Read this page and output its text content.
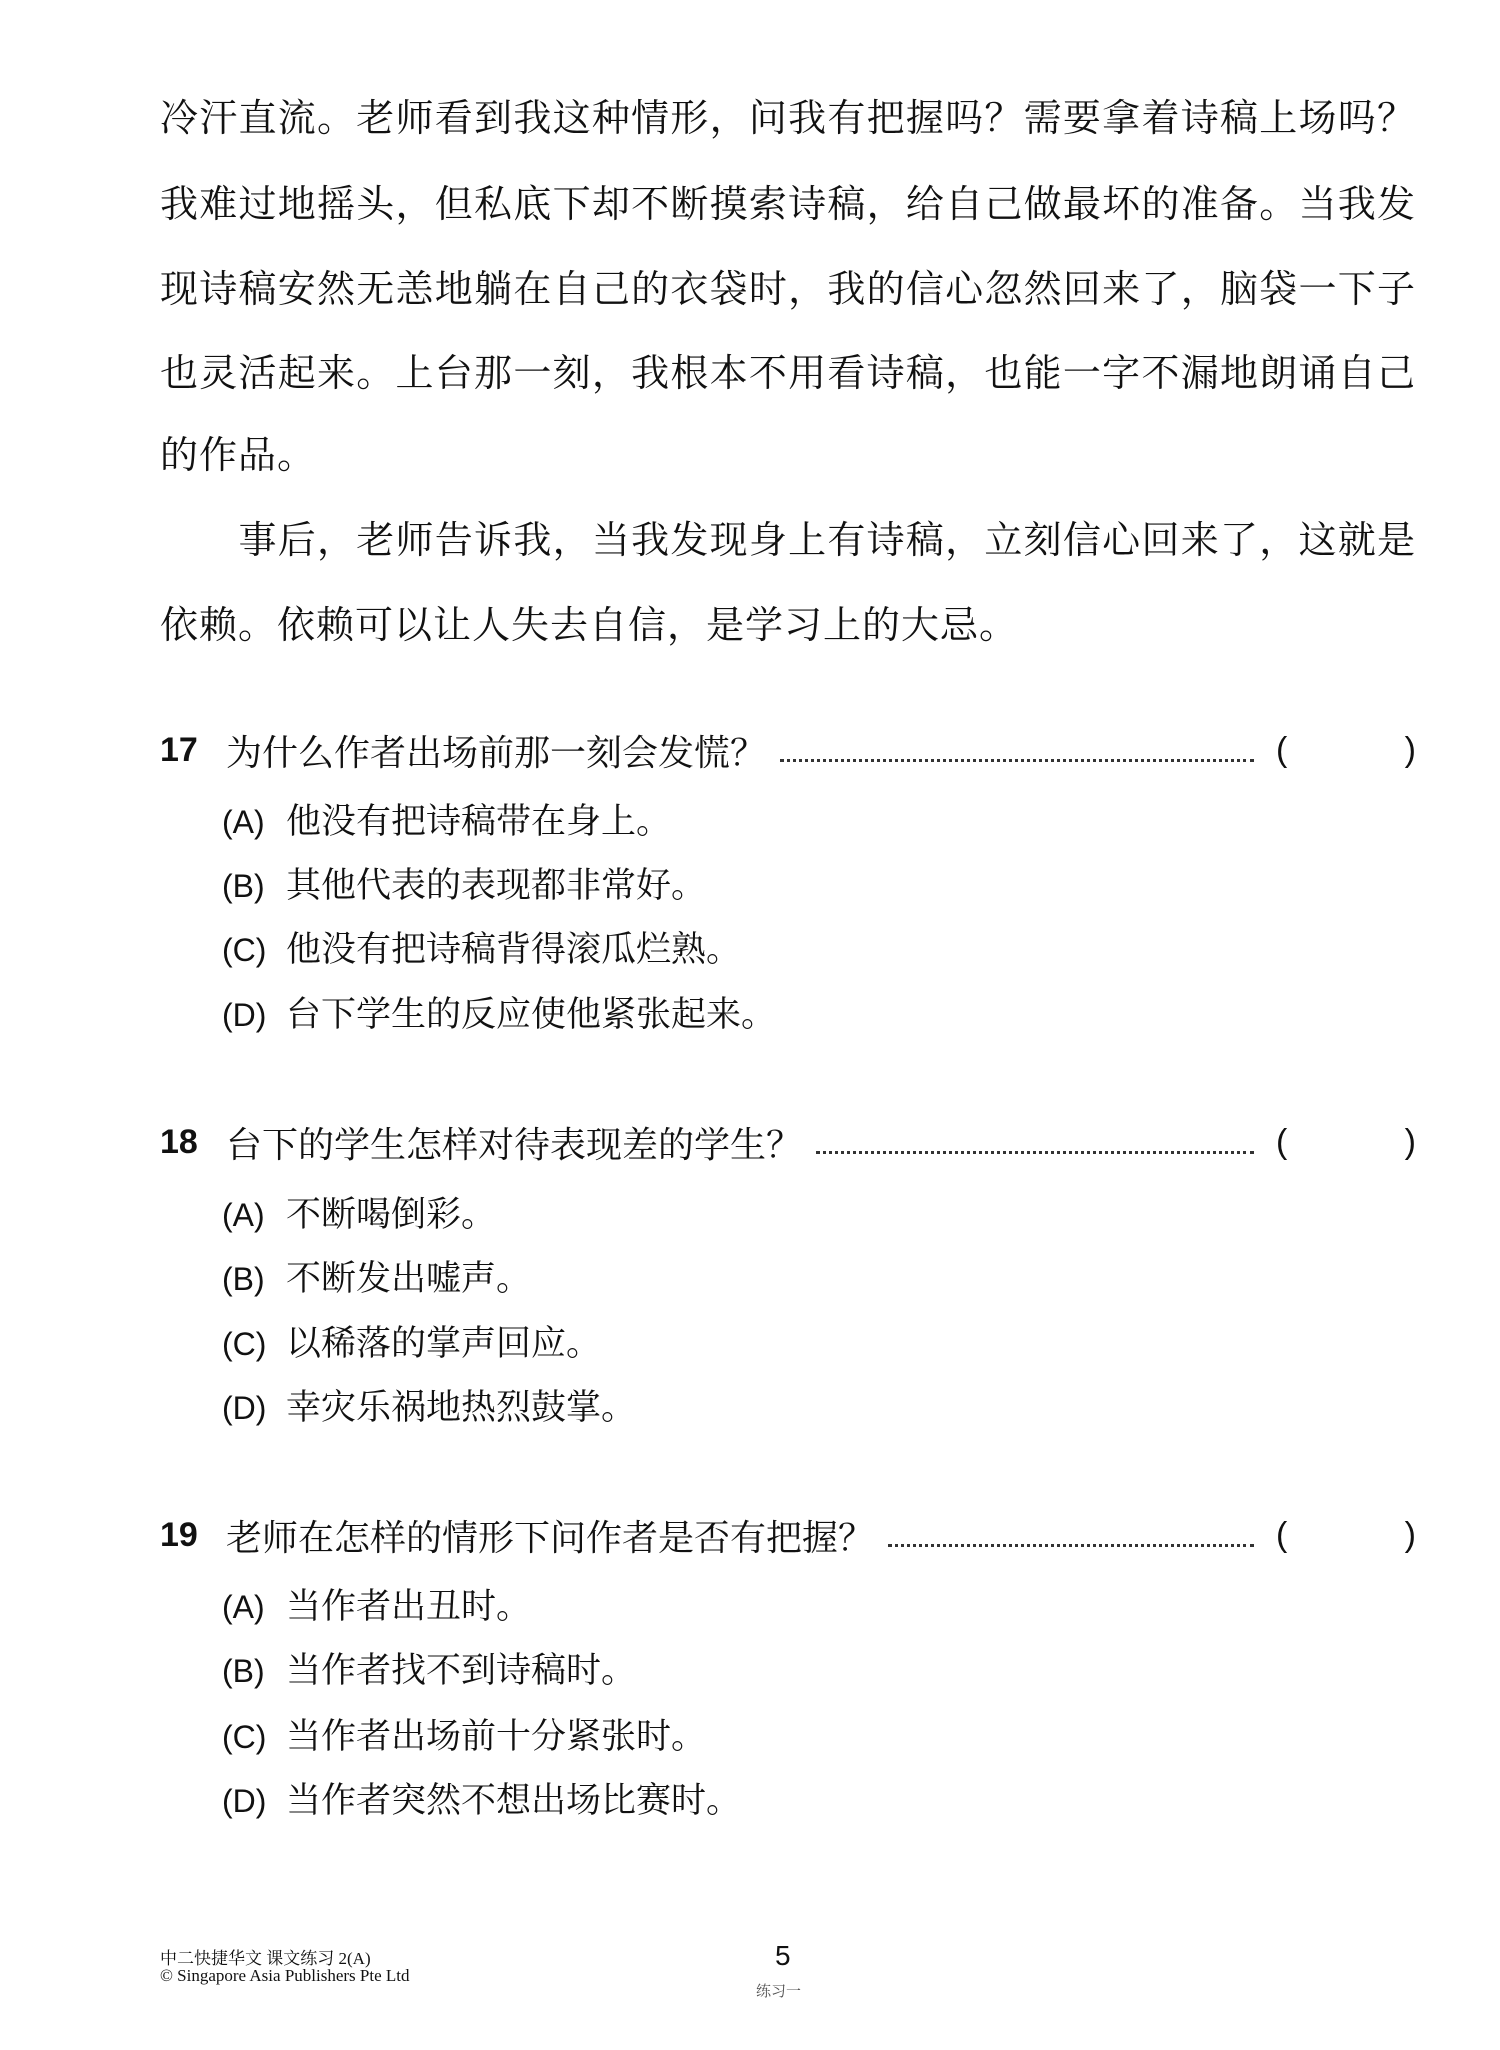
冷汗直流。老师看到我这种情形，问我有把握吗？需要拿着诗稿上场吗？
我难过地摇头，但私底下却不断摸索诗稿，给自己做最坏的准备。当我发
现诗稿安然无恙地躺在自己的衣袋时，我的信心忽然回来了，脑袋一下子
也灵活起来。上台那一刻，我根本不用看诗稿，也能一字不漏地朗诵自己
的作品。
　　事后，老师告诉我，当我发现身上有诗稿，立刻信心回来了，这就是
依赖。依赖可以让人失去自信，是学习上的大忌。
17 为什么作者出场前那一刻会发慌？	(	)
(A) 他没有把诗稿带在身上。
(B) 其他代表的表现都非常好。
(C) 他没有把诗稿背得滚瓜烂熟。
(D) 台下学生的反应使他紧张起来。
18 台下的学生怎样对待表现差的学生？	(	)
(A) 不断喝倒彩。
(B) 不断发出嘘声。
(C) 以稀落的掌声回应。
(D) 幸灾乐祸地热烈鼓掌。
19 老师在怎样的情形下问作者是否有把握？	(	)
(A) 当作者出丑时。
(B) 当作者找不到诗稿时。
(C) 当作者出场前十分紧张时。
(D) 当作者突然不想出场比赛时。
中二快捷华文 课文练习 2(A)
© Singapore Asia Publishers Pte Ltd
5
练习一
